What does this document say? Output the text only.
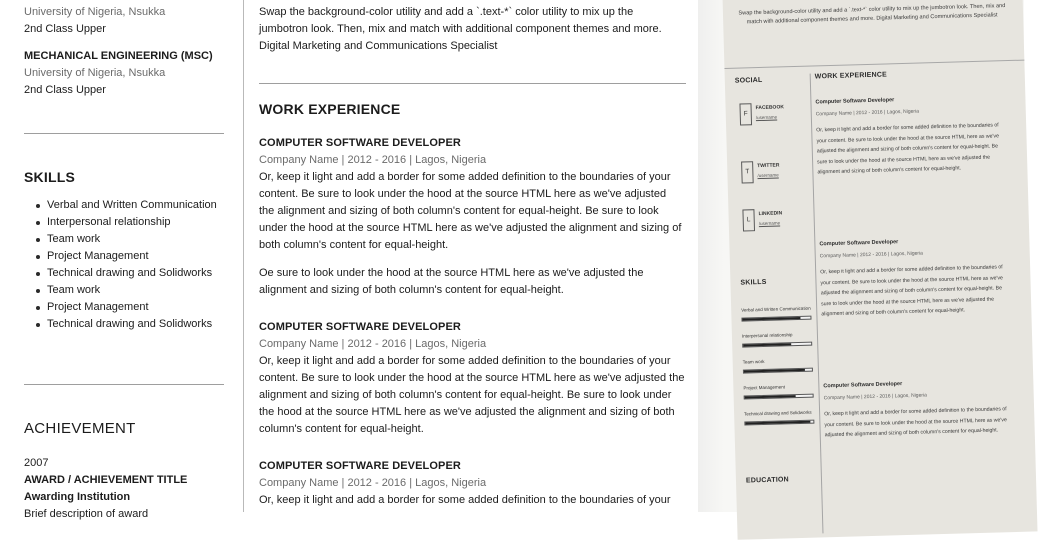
University of Nigeria, Nsukka
2nd Class Upper
MECHANICAL ENGINEERING (MSC)
University of Nigeria, Nsukka
2nd Class Upper
SKILLS
Verbal and Written Communication
Interpersonal relationship
Team work
Project Management
Technical drawing and Solidworks
Team work
Project Management
Technical drawing and Solidworks
ACHIEVEMENT
2007
AWARD / ACHIEVEMENT TITLE
Awarding Institution
Brief description of award
Swap the background-color utility and add a `.text-*` color utility to mix up the
jumbotron look. Then, mix and match with additional component themes and more.
Digital Marketing and Communications Specialist
WORK EXPERIENCE
COMPUTER SOFTWARE DEVELOPER
Company Name | 2012 - 2016 | Lagos, Nigeria
Or, keep it light and add a border for some added definition to the boundaries of your content. Be sure to look under the hood at the source HTML here as we've adjusted the alignment and sizing of both column's content for equal-height. Be sure to look under the hood at the source HTML here as we've adjusted the alignment and sizing of both column's content for equal-height.
Oe sure to look under the hood at the source HTML here as we've adjusted the alignment and sizing of both column's content for equal-height.
COMPUTER SOFTWARE DEVELOPER
Company Name | 2012 - 2016 | Lagos, Nigeria
Or, keep it light and add a border for some added definition to the boundaries of your content. Be sure to look under the hood at the source HTML here as we've adjusted the alignment and sizing of both column's content for equal-height. Be sure to look under the hood at the source HTML here as we've adjusted the alignment and sizing of both column's content for equal-height.
COMPUTER SOFTWARE DEVELOPER
Company Name | 2012 - 2016 | Lagos, Nigeria
Or, keep it light and add a border for some added definition to the boundaries of your
Swap the background-color utility and add a `.text-*` color utility to mix up the jumbotron look. Then, mix and match with additional component themes and more. Digital Marketing and Communications Specialist
SOCIAL
F
FACEBOOK
/username
T
TWITTER
/username
L
LINKEDIN
/username
SKILLS
Verbal and Written Communication
Interpersonal relationship
Team work
Project Management
Technical drawing and Solidworks
EDUCATION
WORK EXPERIENCE
Computer Software Developer
Company Name | 2012 - 2016 | Lagos, Nigeria
Or, keep it light and add a border for some added definition to the boundaries of your content. Be sure to look under the hood at the source HTML here as we've adjusted the alignment and sizing of both column's content for equal-height. Be sure to look under the hood at the source HTML here as we've adjusted the alignment and sizing of both column's content for equal-height.
Computer Software Developer
Company Name | 2012 - 2016 | Lagos, Nigeria
Or, keep it light and add a border for some added definition to the boundaries of your content. Be sure to look under the hood at the source HTML here as we've adjusted the alignment and sizing of both column's content for equal-height. Be sure to look under the hood at the source HTML here as we've adjusted the alignment and sizing of both column's content for equal-height.
Computer Software Developer
Company Name | 2012 - 2016 | Lagos, Nigeria
Or, keep it light and add a border for some added definition to the boundaries of your content. Be sure to look under the hood at the source HTML here as we've adjusted the alignment and sizing of both column's content for equal-height.
